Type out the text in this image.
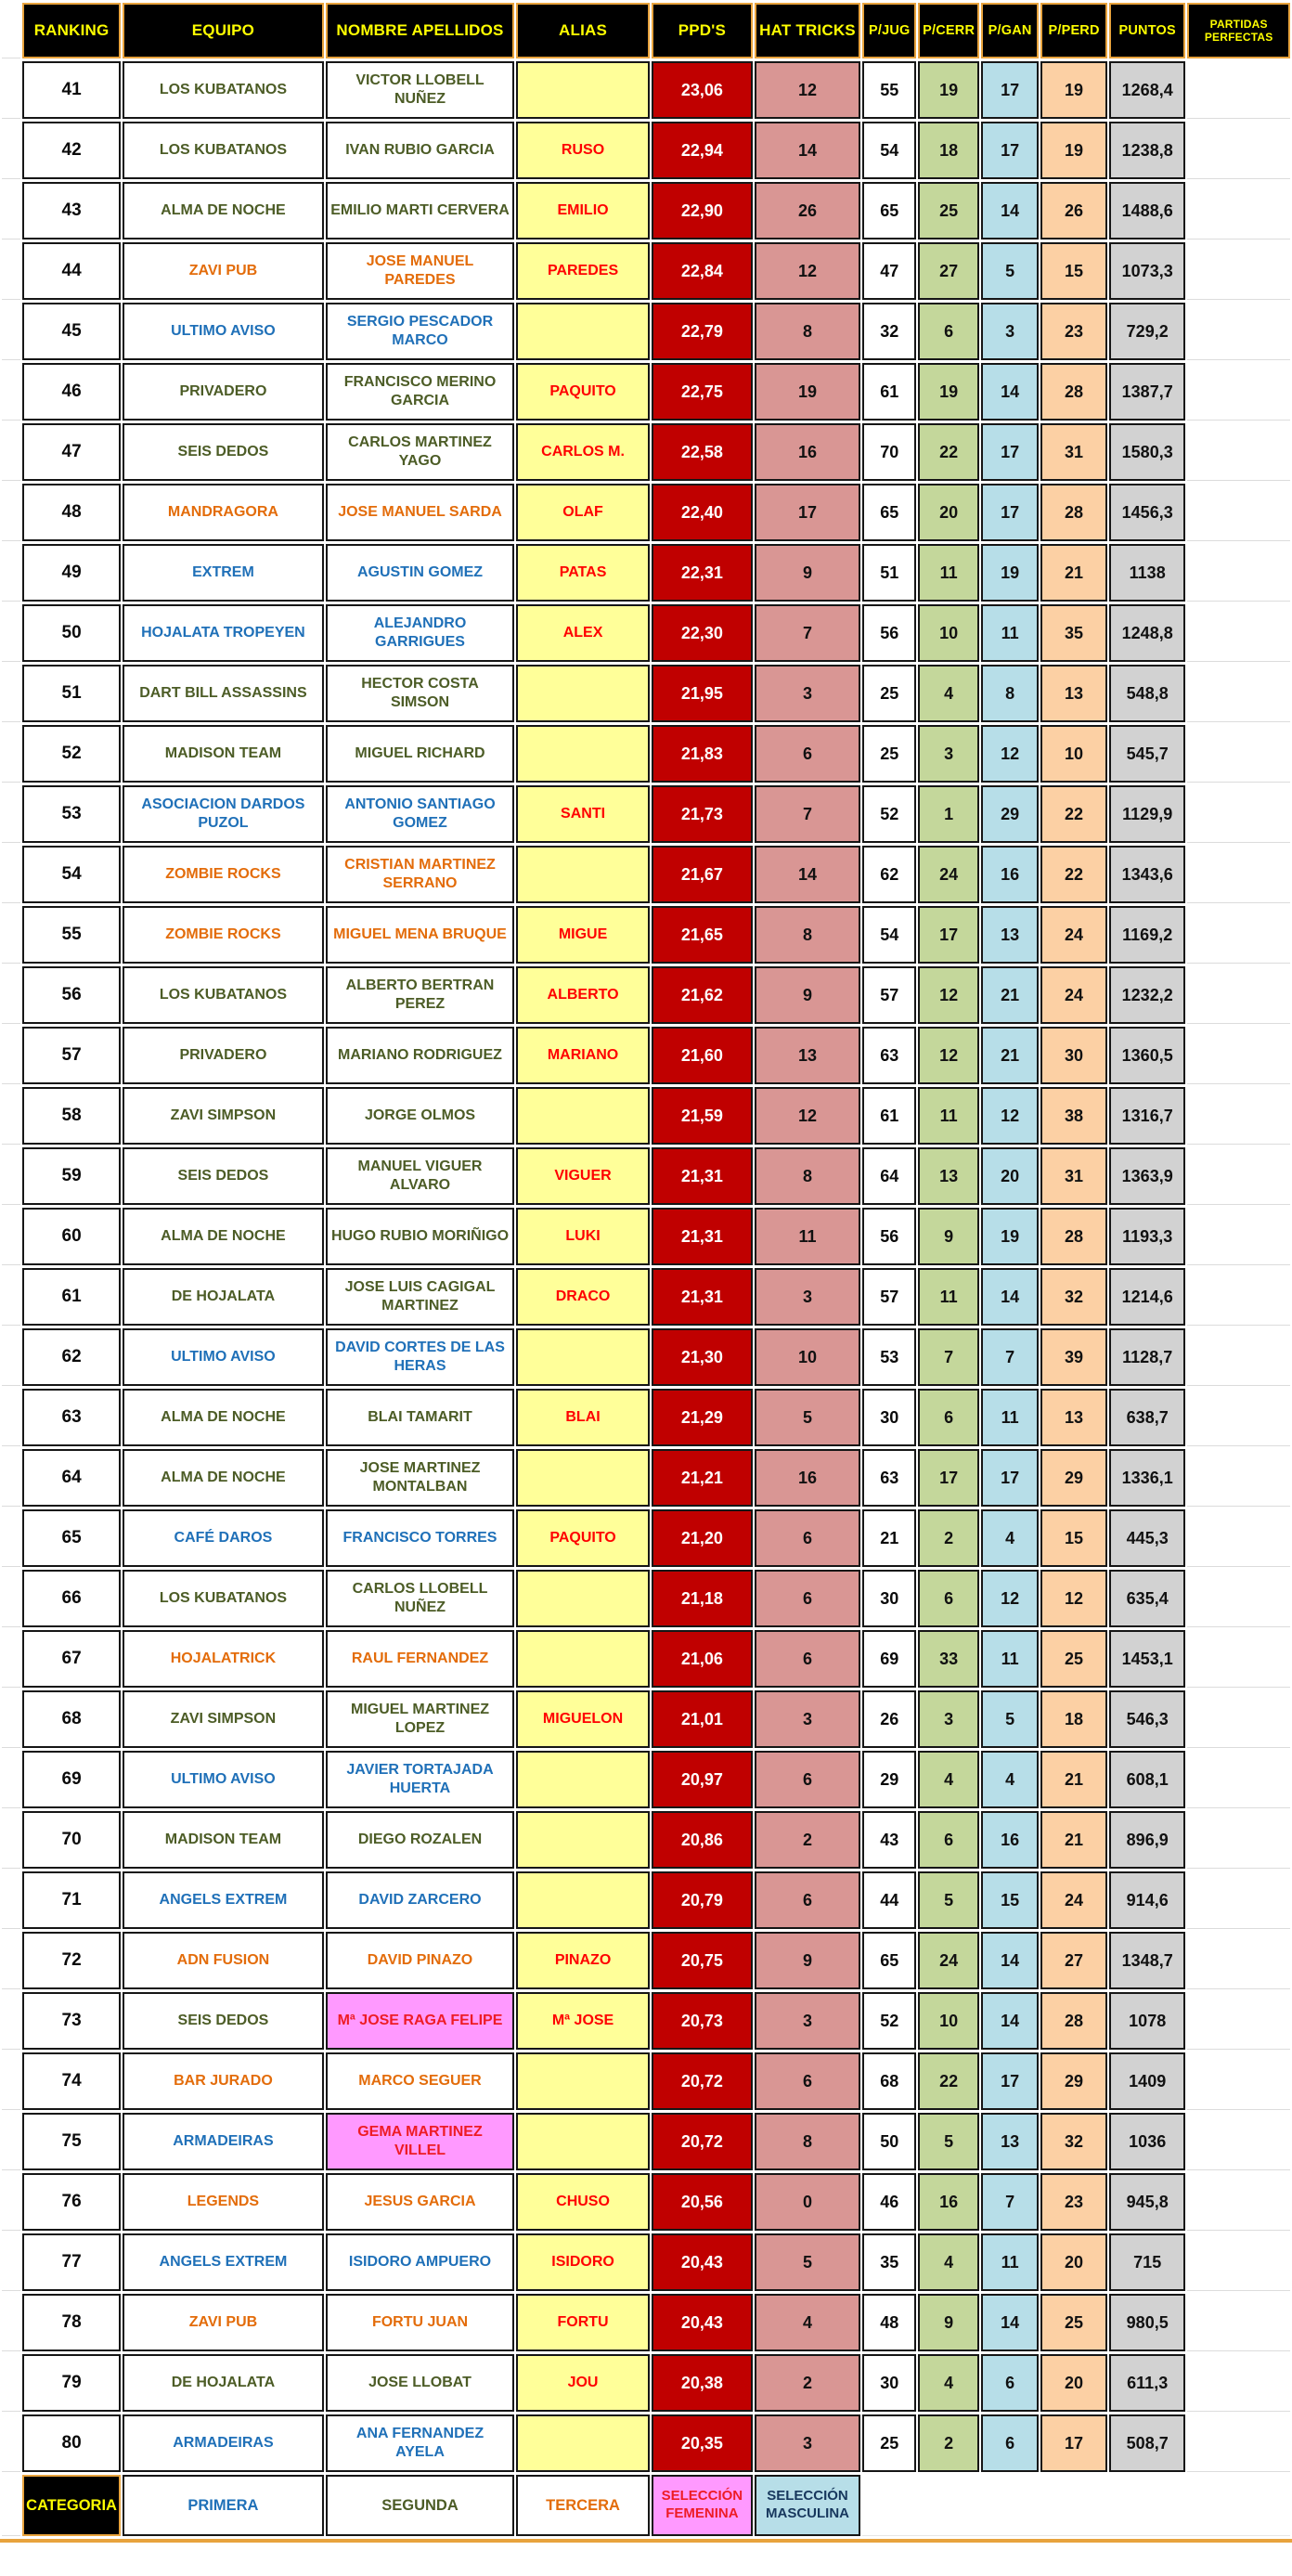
	RANKING	EQUIPO	NOMBRE APELLIDOS	ALIAS	PPD'S	HAT TRICKS	P/JUG	P/CERR	P/GAN	P/PERD	PUNTOS	PARTIDAS PERFECTAS
	41	LOS KUBATANOS	VICTOR LLOBELL NUÑEZ		23,06	12	55	19	17	19	1268,4	
	42	LOS KUBATANOS	IVAN RUBIO GARCIA	RUSO	22,94	14	54	18	17	19	1238,8	
	43	ALMA DE NOCHE	EMILIO MARTI CERVERA	EMILIO	22,90	26	65	25	14	26	1488,6	
	44	ZAVI PUB	JOSE MANUEL PAREDES	PAREDES	22,84	12	47	27	5	15	1073,3	
	45	ULTIMO AVISO	SERGIO PESCADOR MARCO		22,79	8	32	6	3	23	729,2	
	46	PRIVADERO	FRANCISCO MERINO GARCIA	PAQUITO	22,75	19	61	19	14	28	1387,7	
	47	SEIS DEDOS	CARLOS MARTINEZ YAGO	CARLOS M.	22,58	16	70	22	17	31	1580,3	
	48	MANDRAGORA	JOSE MANUEL SARDA	OLAF	22,40	17	65	20	17	28	1456,3	
	49	EXTREM	AGUSTIN GOMEZ	PATAS	22,31	9	51	11	19	21	1138	
	50	HOJALATA TROPEYEN	ALEJANDRO GARRIGUES	ALEX	22,30	7	56	10	11	35	1248,8	
	51	DART BILL ASSASSINS	HECTOR COSTA SIMSON		21,95	3	25	4	8	13	548,8	
	52	MADISON TEAM	MIGUEL RICHARD		21,83	6	25	3	12	10	545,7	
	53	ASOCIACION DARDOS PUZOL	ANTONIO SANTIAGO GOMEZ	SANTI	21,73	7	52	1	29	22	1129,9	
	54	ZOMBIE ROCKS	CRISTIAN MARTINEZ SERRANO		21,67	14	62	24	16	22	1343,6	
	55	ZOMBIE ROCKS	MIGUEL MENA BRUQUE	MIGUE	21,65	8	54	17	13	24	1169,2	
	56	LOS KUBATANOS	ALBERTO BERTRAN PEREZ	ALBERTO	21,62	9	57	12	21	24	1232,2	
	57	PRIVADERO	MARIANO RODRIGUEZ	MARIANO	21,60	13	63	12	21	30	1360,5	
	58	ZAVI SIMPSON	JORGE OLMOS		21,59	12	61	11	12	38	1316,7	
	59	SEIS DEDOS	MANUEL VIGUER ALVARO	VIGUER	21,31	8	64	13	20	31	1363,9	
	60	ALMA DE NOCHE	HUGO RUBIO MORIÑIGO	LUKI	21,31	11	56	9	19	28	1193,3	
	61	DE HOJALATA	JOSE LUIS CAGIGAL MARTINEZ	DRACO	21,31	3	57	11	14	32	1214,6	
	62	ULTIMO AVISO	DAVID CORTES DE LAS HERAS		21,30	10	53	7	7	39	1128,7	
	63	ALMA DE NOCHE	BLAI TAMARIT	BLAI	21,29	5	30	6	11	13	638,7	
	64	ALMA DE NOCHE	JOSE MARTINEZ MONTALBAN		21,21	16	63	17	17	29	1336,1	
	65	CAFÉ DAROS	FRANCISCO TORRES	PAQUITO	21,20	6	21	2	4	15	445,3	
	66	LOS KUBATANOS	CARLOS LLOBELL NUÑEZ		21,18	6	30	6	12	12	635,4	
	67	HOJALATRICK	RAUL FERNANDEZ		21,06	6	69	33	11	25	1453,1	
	68	ZAVI SIMPSON	MIGUEL MARTINEZ LOPEZ	MIGUELON	21,01	3	26	3	5	18	546,3	
	69	ULTIMO AVISO	JAVIER TORTAJADA HUERTA		20,97	6	29	4	4	21	608,1	
	70	MADISON TEAM	DIEGO ROZALEN		20,86	2	43	6	16	21	896,9	
	71	ANGELS EXTREM	DAVID ZARCERO		20,79	6	44	5	15	24	914,6	
	72	ADN FUSION	DAVID PINAZO	PINAZO	20,75	9	65	24	14	27	1348,7	
	73	SEIS DEDOS	Mª JOSE RAGA FELIPE	Mª JOSE	20,73	3	52	10	14	28	1078	
	74	BAR JURADO	MARCO SEGUER		20,72	6	68	22	17	29	1409	
	75	ARMADEIRAS	GEMA MARTINEZ VILLEL		20,72	8	50	5	13	32	1036	
	76	LEGENDS	JESUS GARCIA	CHUSO	20,56	0	46	16	7	23	945,8	
	77	ANGELS EXTREM	ISIDORO AMPUERO	ISIDORO	20,43	5	35	4	11	20	715	
	78	ZAVI PUB	FORTU JUAN	FORTU	20,43	4	48	9	14	25	980,5	
	79	DE HOJALATA	JOSE LLOBAT	JOU	20,38	2	30	4	6	20	611,3	
	80	ARMADEIRAS	ANA FERNANDEZ AYELA		20,35	3	25	2	6	17	508,7	
	CATEGORIA	PRIMERA	SEGUNDA	TERCERA	SELECCIÓN FEMENINA	SELECCIÓN MASCULINA						
